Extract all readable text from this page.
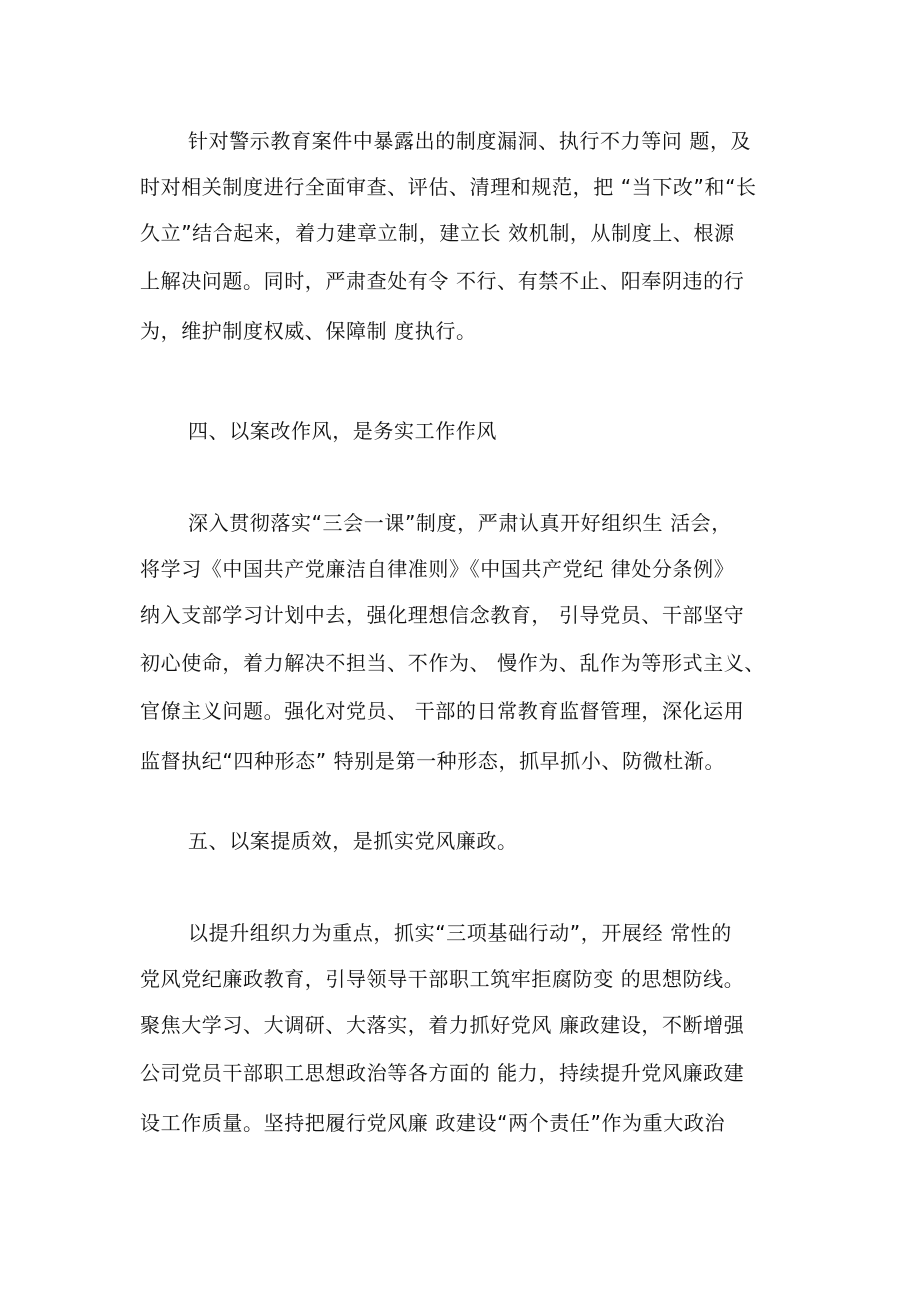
针对警示教育案件中暴露出的制度漏洞、执行不力等问 题，及
时对相关制度进行全面审查、评估、清理和规范，把 “当下改”和“长
久立”结合起来，着力建章立制，建立长 效机制，从制度上、根源
上解决问题。同时，严肃查处有令 不行、有禁不止、阳奉阴违的行
为，维护制度权威、保障制 度执行。
四、以案改作风，是务实工作作风
深入贯彻落实“三会一课”制度，严肃认真开好组织生 活会，
将学习《中国共产党廉洁自律准则》《中国共产党纪 律处分条例》
纳入支部学习计划中去，强化理想信念教育， 引导党员、干部坚守
初心使命，着力解决不担当、不作为、 慢作为、乱作为等形式主义、
官僚主义问题。强化对党员、 干部的日常教育监督管理，深化运用
监督执纪“四种形态” 特别是第一种形态，抓早抓小、防微杜渐。
五、以案提质效，是抓实党风廉政。
以提升组织力为重点，抓实“三项基础行动”，开展经 常性的
党风党纪廉政教育，引导领导干部职工筑牢拒腐防变 的思想防线。
聚焦大学习、大调研、大落实，着力抓好党风 廉政建设，不断增强
公司党员干部职工思想政治等各方面的 能力，持续提升党风廉政建
设工作质量。坚持把履行党风廉 政建设“两个责任”作为重大政治
